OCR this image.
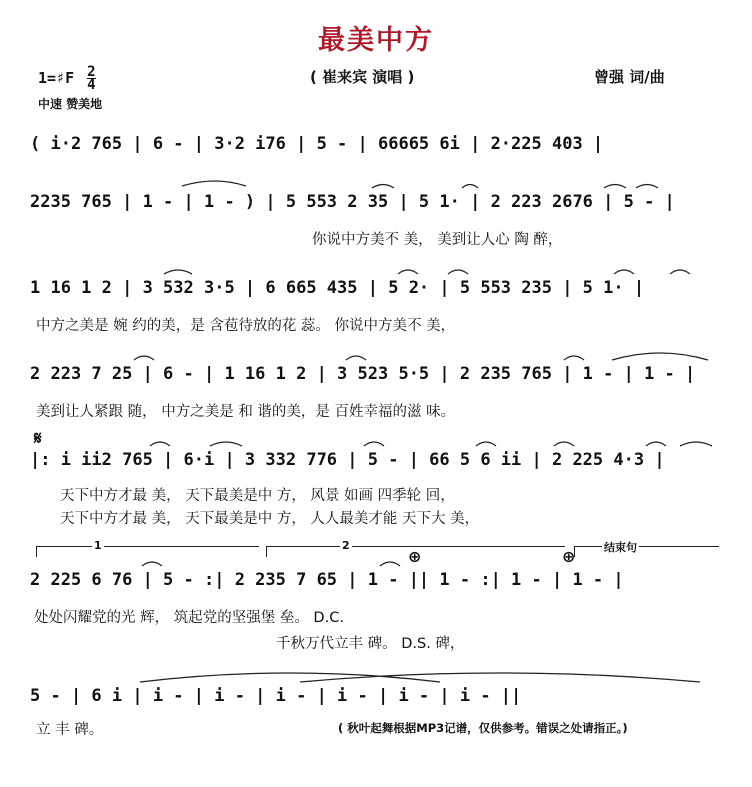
最美中方
1=♯F $\frac{2}{4}$
中速 赞美地
( 崔来宾 演唱 )	曾强 词/曲
( i·2 765 | 6 - | 3·2 i76 | 5 - | 66665 6i | 2·225 403 |
2235 765 | 1 - | 1 - ) | 5 553 2 35 | 5 1· | 2 223 2676 | 5 - |
你说中方美不 美， 美到让人心 陶 醉，
1 16 1 2 | 3 532 3·5 | 6 665 435 | 5 2· | 5 553 235 | 5 1· |
中方之美是 婉 约的美，是 含苞待放的花 蕊。 你说中方美不 美，
2 223 7 25 | 6 - | 1 16 1 2 | 3 523 5·5 | 2 235 765 | 1 - | 1 - |
美到让人紧跟 随， 中方之美是 和 谐的美，是 百姓幸福的滋 味。
𝄋
|: i ii2 765 | 6·i | 3 332 776 | 5 - | 66 5 6 ii | 2 225 4·3 |
天下中方才最 美， 天下最美是中 方， 风景 如画 四季轮 回，
天下中方才最 美， 天下最美是中 方， 人人最美才能 天下大 美，
1	2	结束句
⊕	⊕
2 225 6 76 | 5 - :| 2 235 7 65 | 1 - || 1 - :| 1 - | 1 - |
处处闪耀党的光 辉， 筑起党的坚强堡 垒。 D.C.
千秋万代立丰 碑。 D.S. 碑，
5 - | 6 i | i - | i - | i - | i - | i - | i - ||
立 丰 碑。	( 秋叶起舞根据MP3记谱，仅供参考。错误之处请指正。)
